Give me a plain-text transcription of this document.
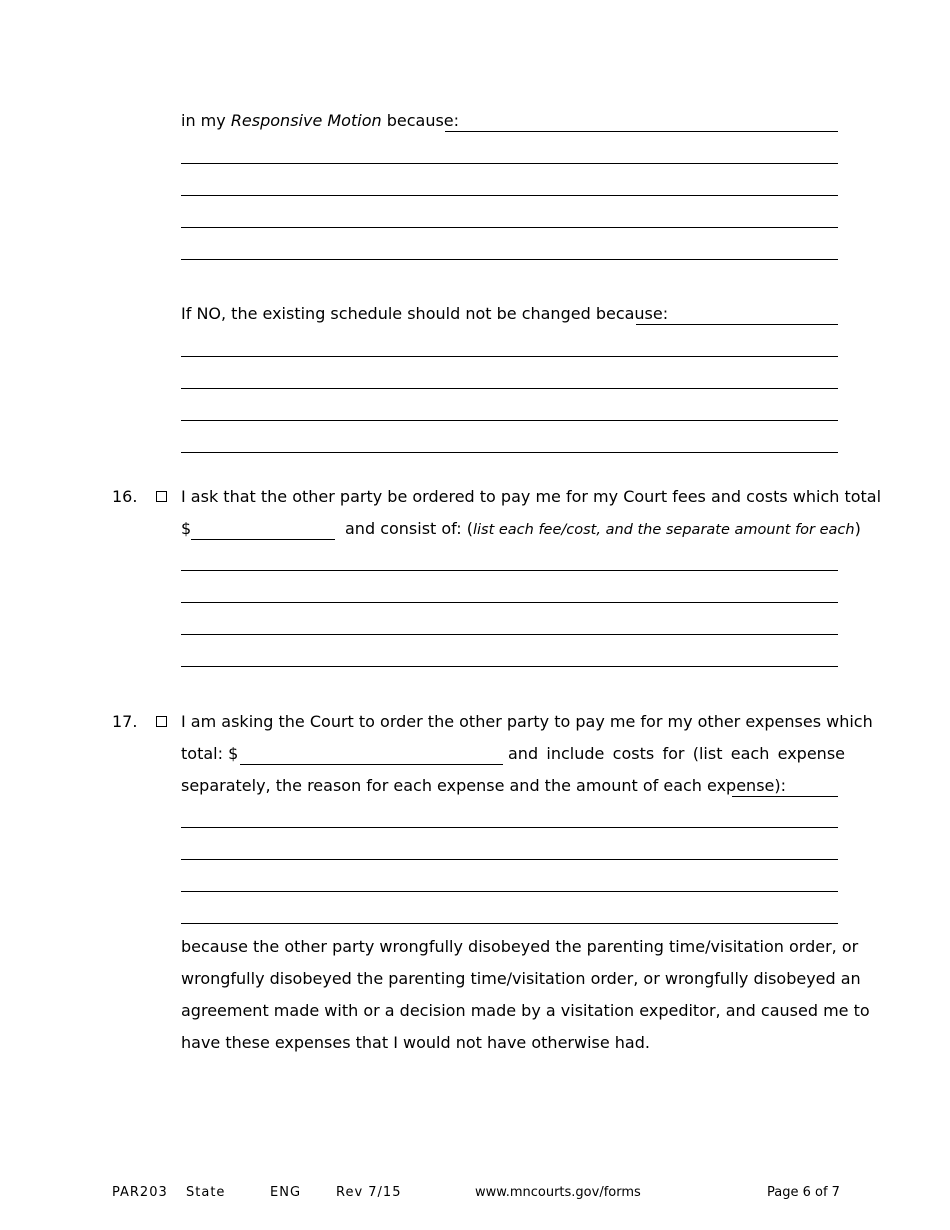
in my Responsive Motion because:
If NO, the existing schedule should not be changed because:
16.	I ask that the other party be ordered to pay me for my Court fees and costs which total
$	and consist of: (list each fee/cost, and the separate amount for each)
17.	I am asking the Court to order the other party to pay me for my other expenses which
total: $	and include costs for (list each expense
separately, the reason for each expense and the amount of each expense):
because the other party wrongfully disobeyed the parenting time/visitation order, or
wrongfully disobeyed the parenting time/visitation order, or wrongfully disobeyed an
agreement made with or a decision made by a visitation expeditor, and caused me to
have these expenses that I would not have otherwise had.
PAR203 State	ENG	Rev 7/15	www.mncourts.gov/forms	Page 6 of 7
